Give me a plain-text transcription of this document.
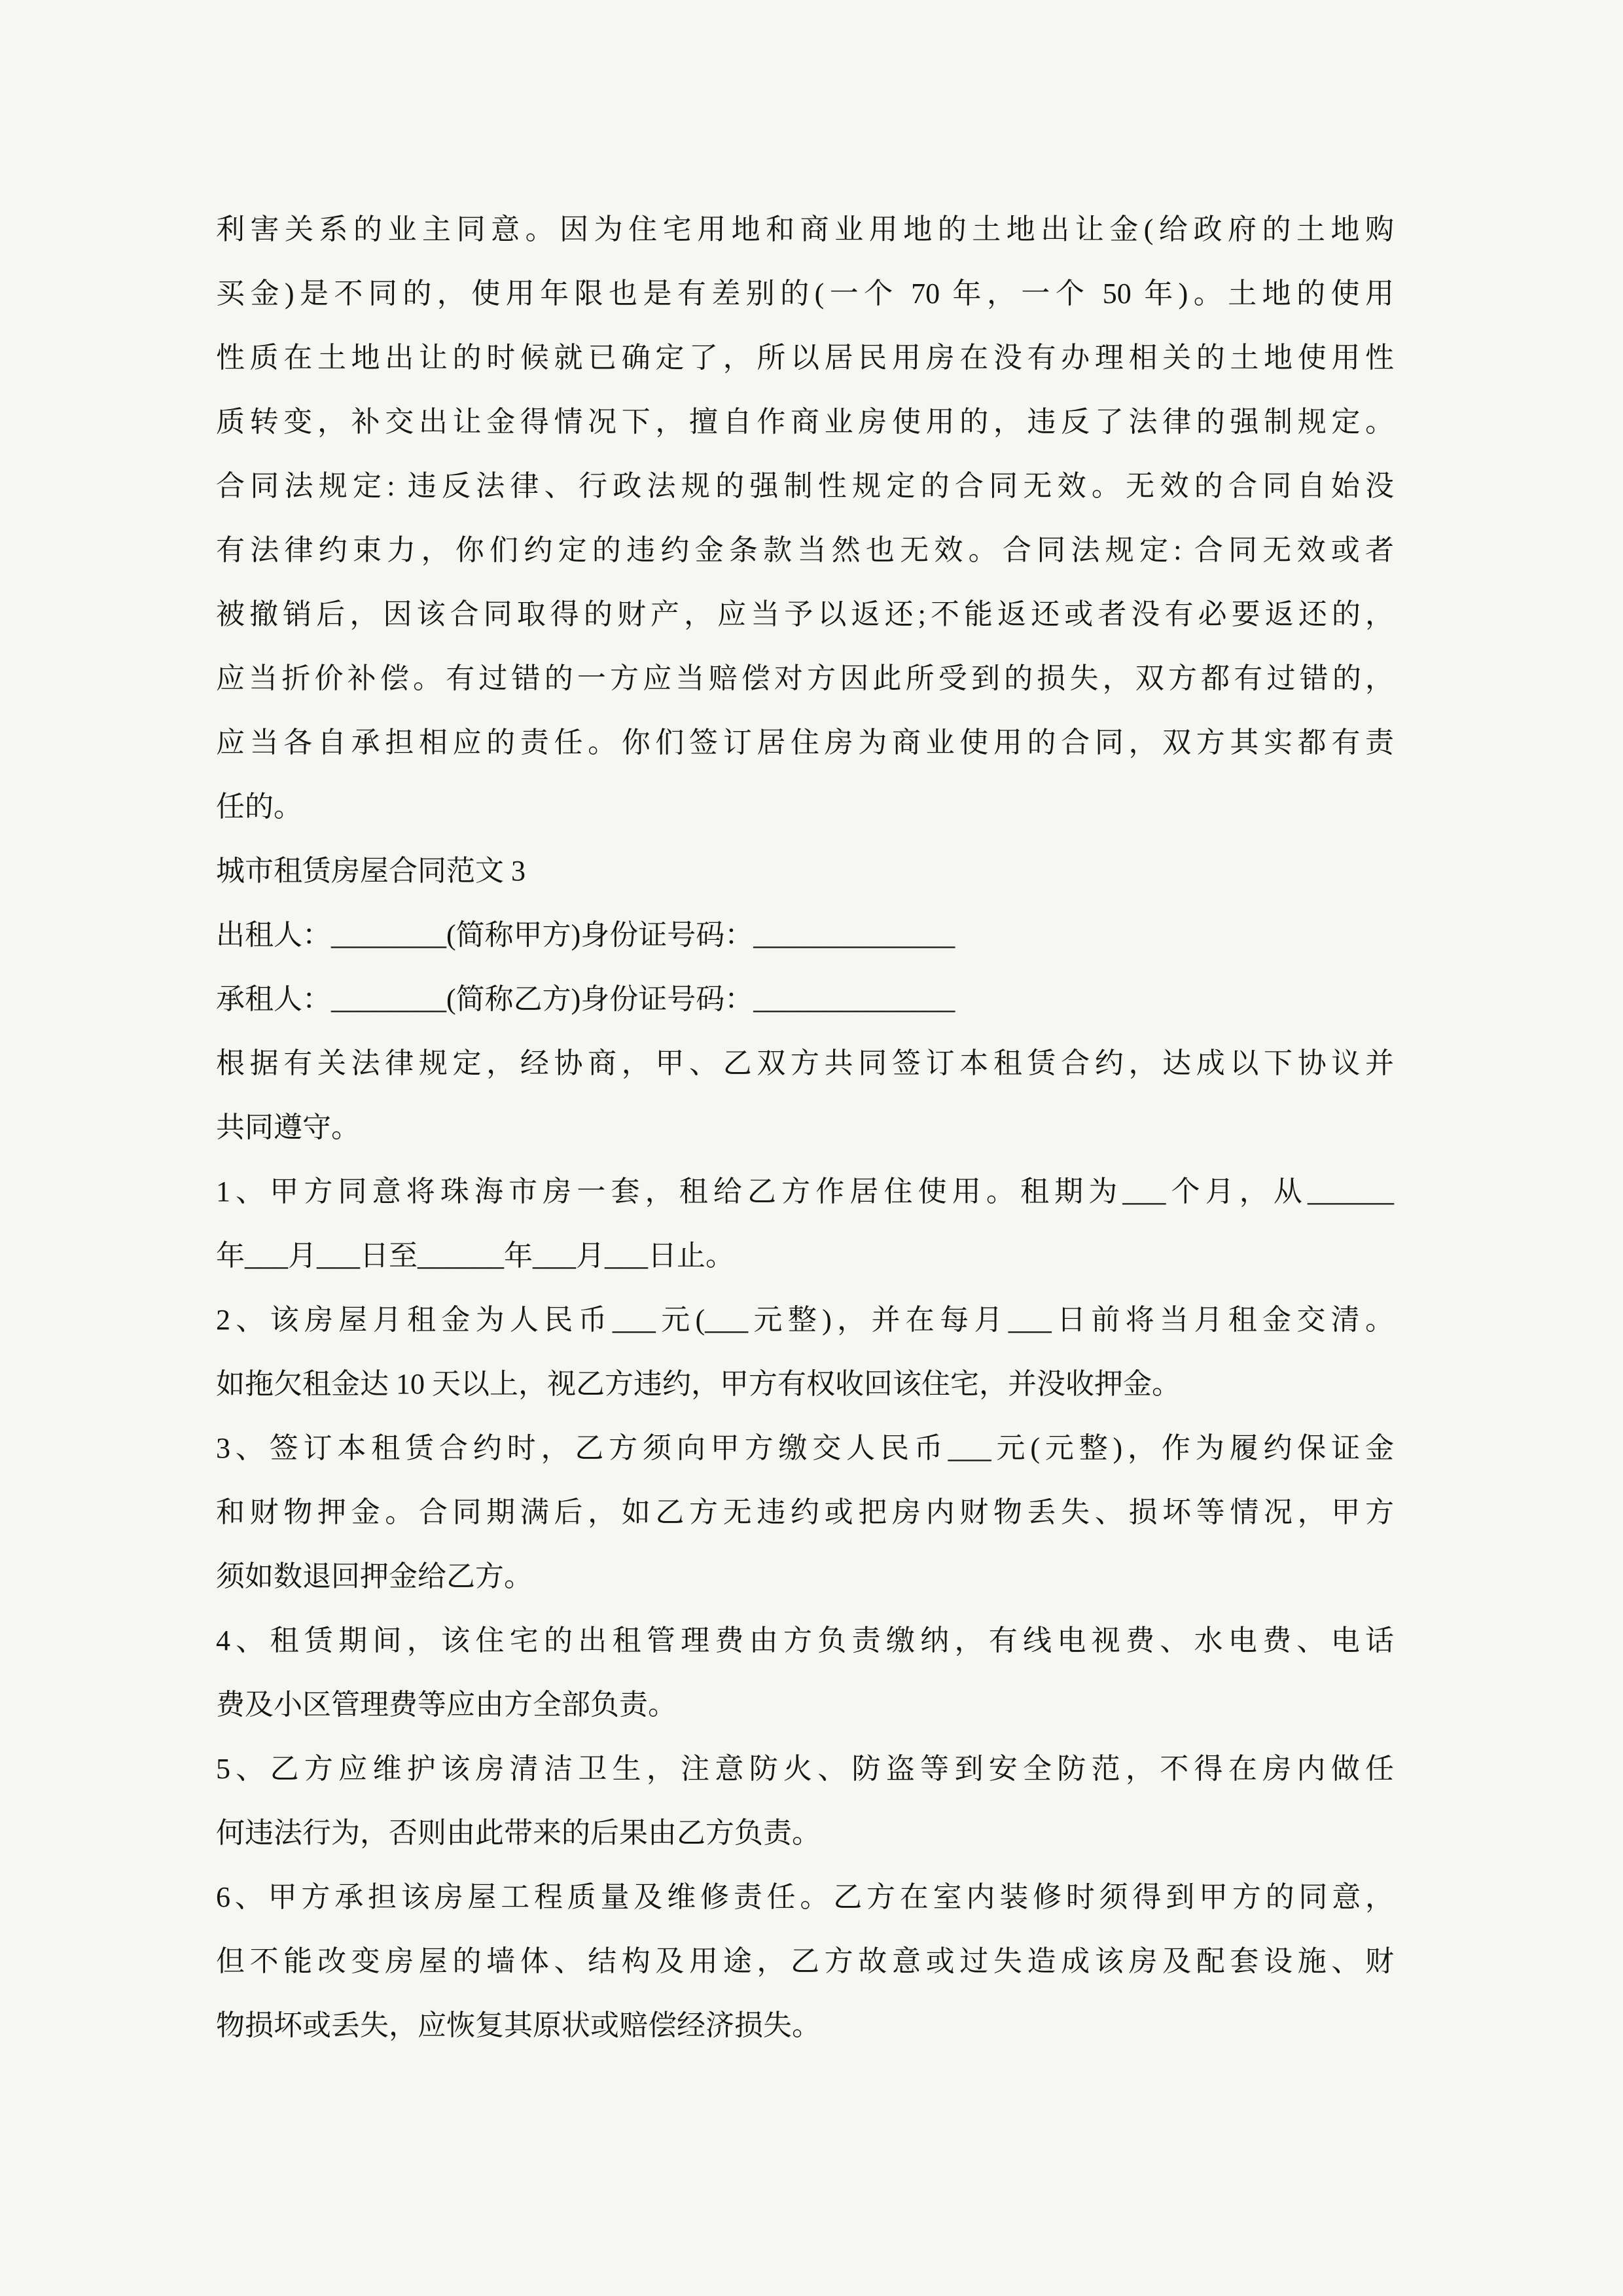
利害关系的业主同意。因为住宅用地和商业用地的土地出让金(给政府的土地购
买金)是不同的，使用年限也是有差别的(一个 70 年，一个 50 年)。土地的使用
性质在土地出让的时候就已确定了，所以居民用房在没有办理相关的土地使用性
质转变，补交出让金得情况下，擅自作商业房使用的，违反了法律的强制规定。
合同法规定: 违反法律、行政法规的强制性规定的合同无效。无效的合同自始没
有法律约束力，你们约定的违约金条款当然也无效。合同法规定: 合同无效或者
被撤销后，因该合同取得的财产，应当予以返还;不能返还或者没有必要返还的，
应当折价补偿。有过错的一方应当赔偿对方因此所受到的损失，双方都有过错的，
应当各自承担相应的责任。你们签订居住房为商业使用的合同，双方其实都有责
任的。
城市租赁房屋合同范文 3
出租人：________(简称甲方)身份证号码：______________
承租人：________(简称乙方)身份证号码：______________
根据有关法律规定，经协商，甲、乙双方共同签订本租赁合约，达成以下协议并
共同遵守。
1、甲方同意将珠海市房一套，租给乙方作居住使用。租期为___个月，从______
年___月___日至______年___月___日止。
2、该房屋月租金为人民币___元(___元整)，并在每月___日前将当月租金交清。
如拖欠租金达 10 天以上，视乙方违约，甲方有权收回该住宅，并没收押金。
3、签订本租赁合约时，乙方须向甲方缴交人民币___元(元整)，作为履约保证金
和财物押金。合同期满后，如乙方无违约或把房内财物丢失、损坏等情况，甲方
须如数退回押金给乙方。
4、租赁期间，该住宅的出租管理费由方负责缴纳，有线电视费、水电费、电话
费及小区管理费等应由方全部负责。
5、乙方应维护该房清洁卫生，注意防火、防盗等到安全防范，不得在房内做任
何违法行为，否则由此带来的后果由乙方负责。
6、甲方承担该房屋工程质量及维修责任。乙方在室内装修时须得到甲方的同意，
但不能改变房屋的墙体、结构及用途，乙方故意或过失造成该房及配套设施、财
物损坏或丢失，应恢复其原状或赔偿经济损失。
